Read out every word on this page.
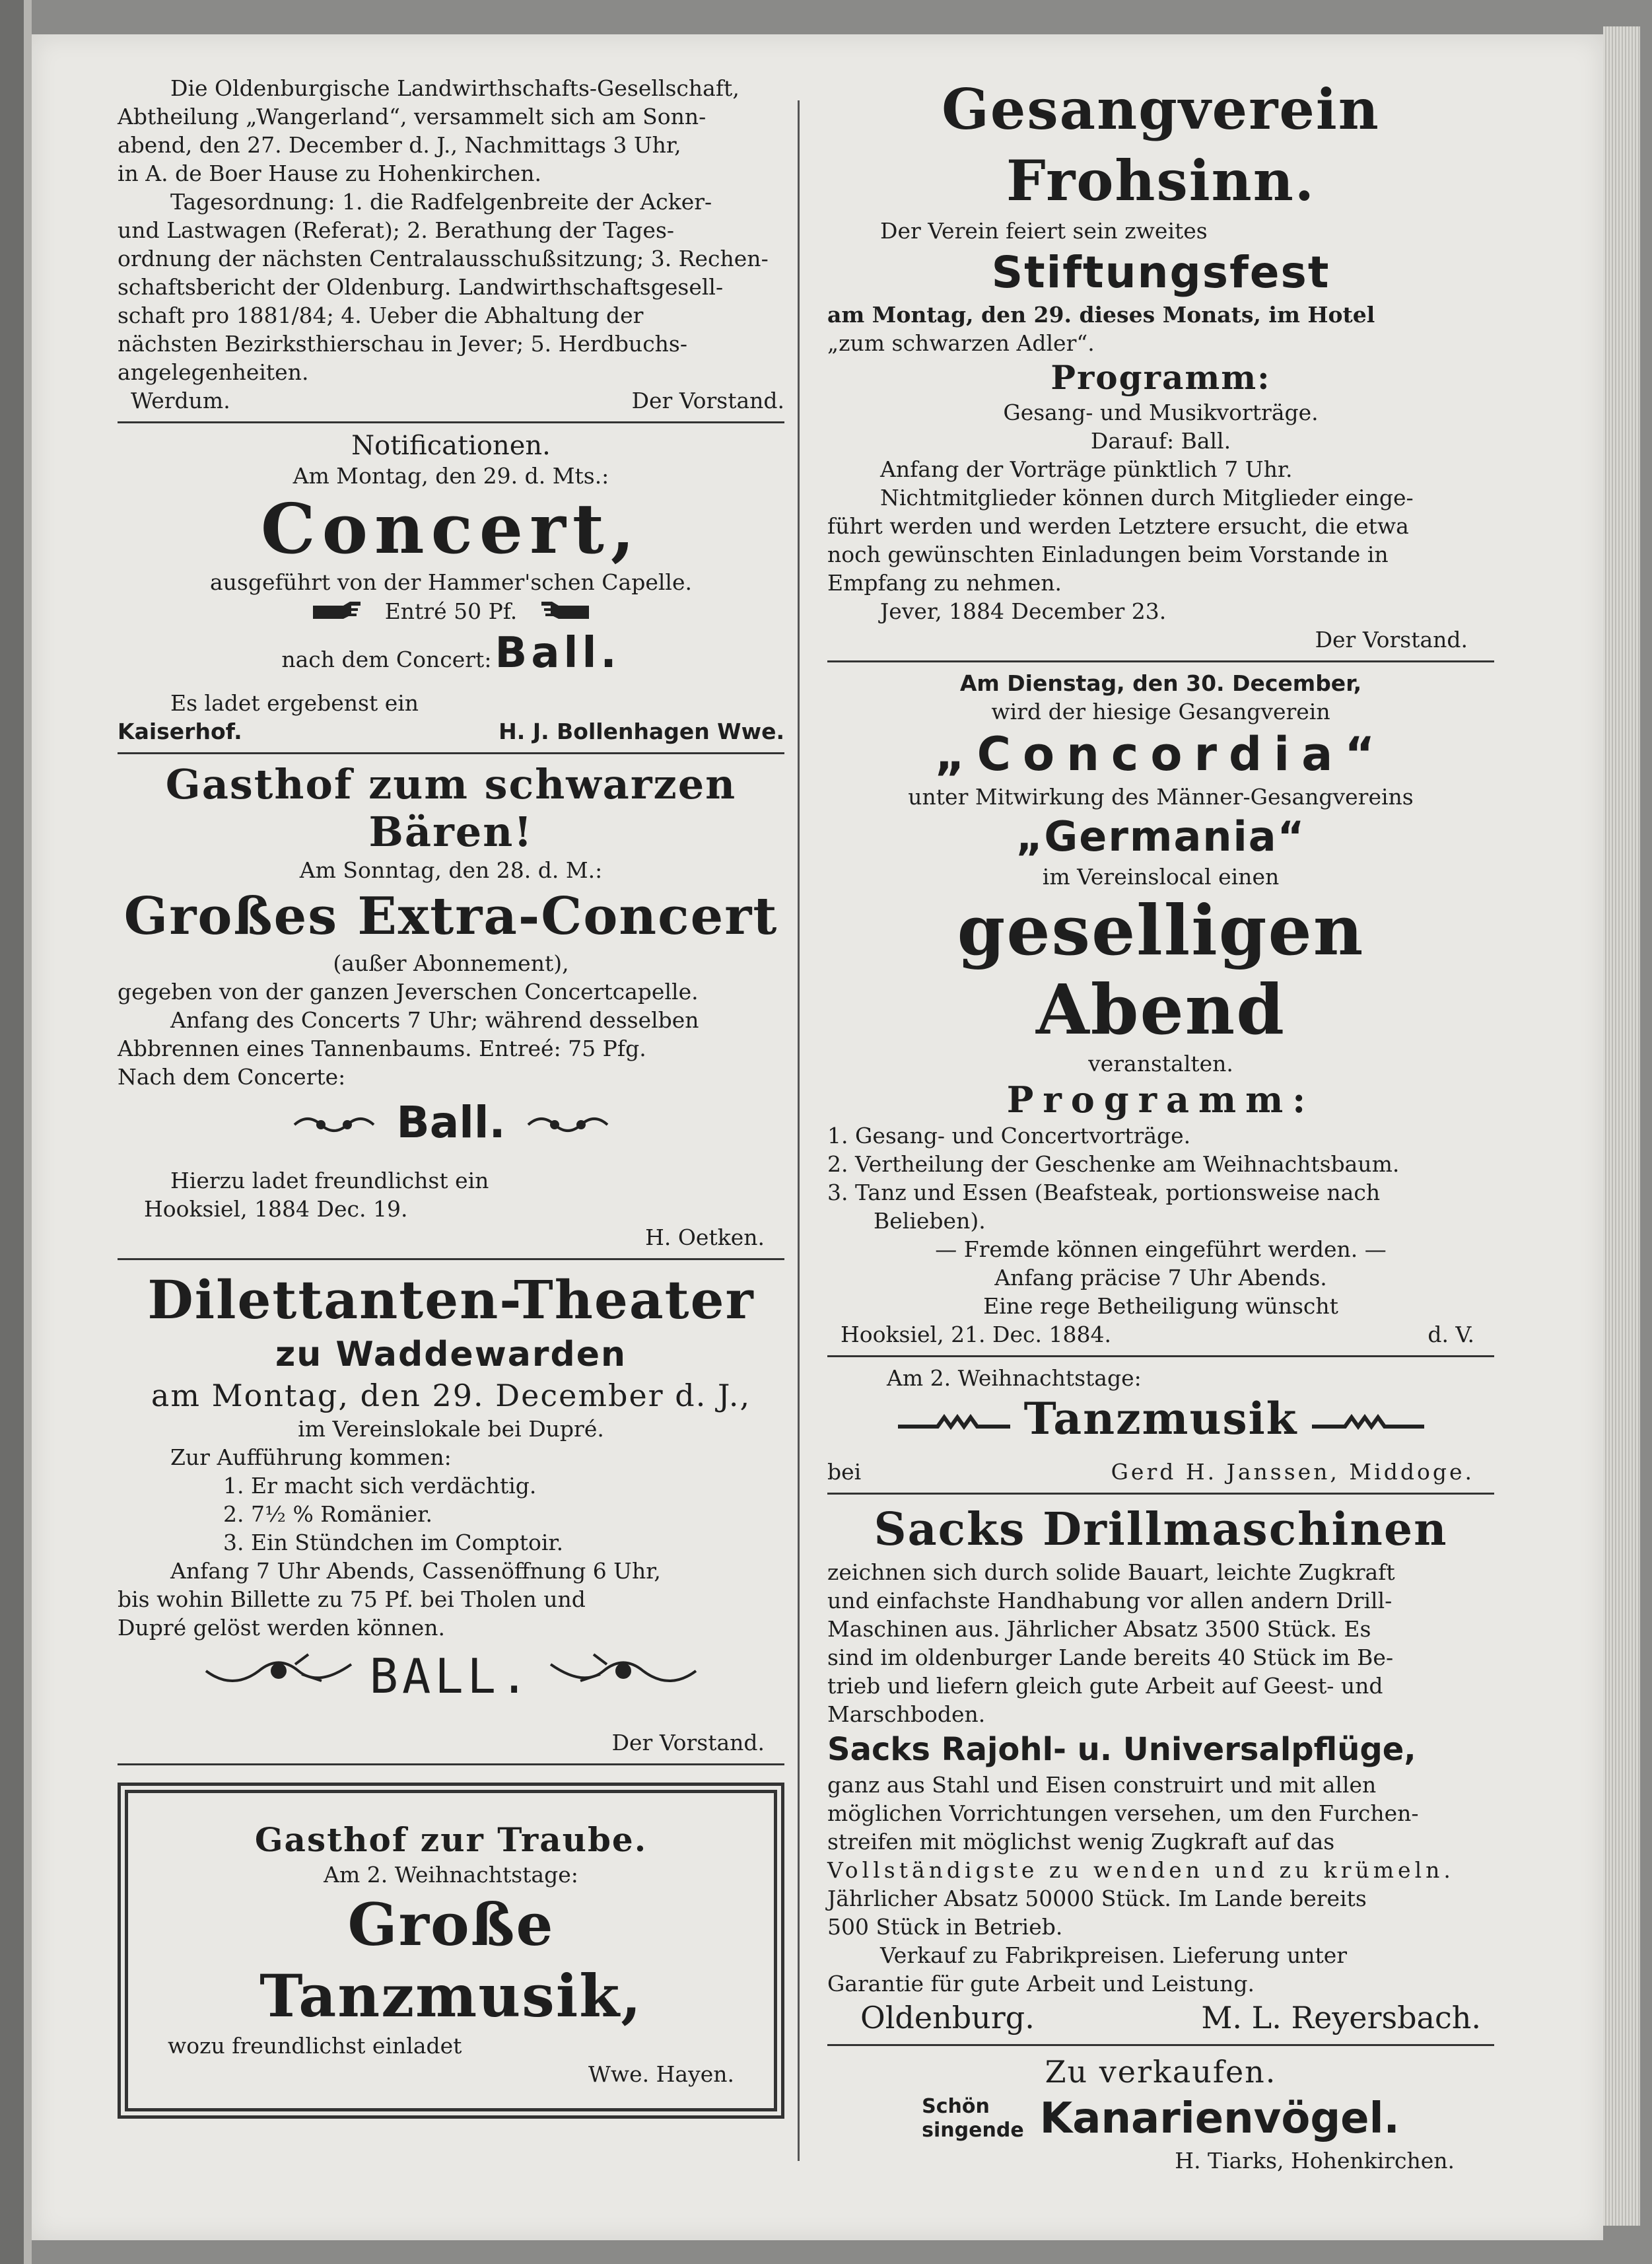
Die Oldenburgische Landwirthschafts-Gesellschaft,

Abtheilung „Wangerland“, versammelt sich am Sonn-

abend, den 27. December d. J., Nachmittags 3 Uhr,

in A. de Boer Hause zu Hohenkirchen.

Tagesordnung: 1. die Radfelgenbreite der Acker-

und Lastwagen (Referat); 2. Berathung der Tages-

ordnung der nächsten Centralausschußsitzung; 3. Rechen-

schaftsbericht der Oldenburg. Landwirthschaftsgesell-

schaft pro 1881/84; 4. Ueber die Abhaltung der

nächsten Bezirksthierschau in Jever; 5. Herdbuchs-

angelegenheiten.

Werdum.	Der Vorstand.

Notificationen.

Am Montag, den 29. d. Mts.:

Concert,

ausgeführt von der Hammer'schen Capelle.

Entré 50 Pf.
nach dem Concert: Ball.

Es ladet ergebenst ein

Kaiserhof.	H. J. Bollenhagen Wwe.
Gasthof zum schwarzen Bären!

Am Sonntag, den 28. d. M.:

Großes Extra-Concert

(außer Abonnement),

gegeben von der ganzen Jeverschen Concertcapelle.

Anfang des Concerts 7 Uhr; während desselben

Abbrennen eines Tannenbaums. Entreé: 75 Pfg.

Nach dem Concerte:

Ball.

Hierzu ladet freundlichst ein

Hooksiel, 1884 Dec. 19.

H. Oetken.

Dilettanten-Theater
zu Waddewarden
am Montag, den 29. December d. J.,

im Vereinslokale bei Dupré.

Zur Aufführung kommen:

1. Er macht sich verdächtig.

2. 7½ % Romänier.

3. Ein Stündchen im Comptoir.

Anfang 7 Uhr Abends, Cassenöffnung 6 Uhr,

bis wohin Billette zu 75 Pf. bei Tholen und

Dupré gelöst werden können.

BALL.

Der Vorstand.

Gasthof zur Traube.

Am 2. Weihnachtstage:

Große Tanzmusik,
wozu freundlichst einladet

Wwe. Hayen.

Gesangverein Frohsinn.

Der Verein feiert sein zweites

Stiftungsfest

am Montag, den 29. dieses Monats, im Hotel

„zum schwarzen Adler“.

Programm:

Gesang- und Musikvorträge.

Darauf: Ball.

Anfang der Vorträge pünktlich 7 Uhr.

Nichtmitglieder können durch Mitglieder einge-

führt werden und werden Letztere ersucht, die etwa

noch gewünschten Einladungen beim Vorstande in

Empfang zu nehmen.

Jever, 1884 December 23.

Der Vorstand.

Am Dienstag, den 30. December,

wird der hiesige Gesangverein

„Concordia“

unter Mitwirkung des Männer-Gesangvereins

„Germania“

im Vereinslocal einen

geselligen Abend

veranstalten.

Programm:

1. Gesang- und Concertvorträge.

2. Vertheilung der Geschenke am Weihnachtsbaum.

3. Tanz und Essen (Beafsteak, portionsweise nach

Belieben).

— Fremde können eingeführt werden. —

Anfang präcise 7 Uhr Abends.

Eine rege Betheiligung wünscht

Hooksiel, 21. Dec. 1884.	d. V.

Am 2. Weihnachtstage:

Tanzmusik
bei	Gerd H. Janssen, Middoge.
Sacks Drillmaschinen

zeichnen sich durch solide Bauart, leichte Zugkraft

und einfachste Handhabung vor allen andern Drill-

Maschinen aus. Jährlicher Absatz 3500 Stück. Es

sind im oldenburger Lande bereits 40 Stück im Be-

trieb und liefern gleich gute Arbeit auf Geest- und

Marschboden.

Sacks Rajohl- u. Universalpflüge,

ganz aus Stahl und Eisen construirt und mit allen

möglichen Vorrichtungen versehen, um den Furchen-

streifen mit möglichst wenig Zugkraft auf das

Vollständigste zu wenden und zu krümeln.

Jährlicher Absatz 50000 Stück. Im Lande bereits

500 Stück in Betrieb.

Verkauf zu Fabrikpreisen. Lieferung unter

Garantie für gute Arbeit und Leistung.

Oldenburg.	M. L. Reyersbach.
Zu verkaufen.
Schön
singende Kanarienvögel.

H. Tiarks, Hohenkirchen.
